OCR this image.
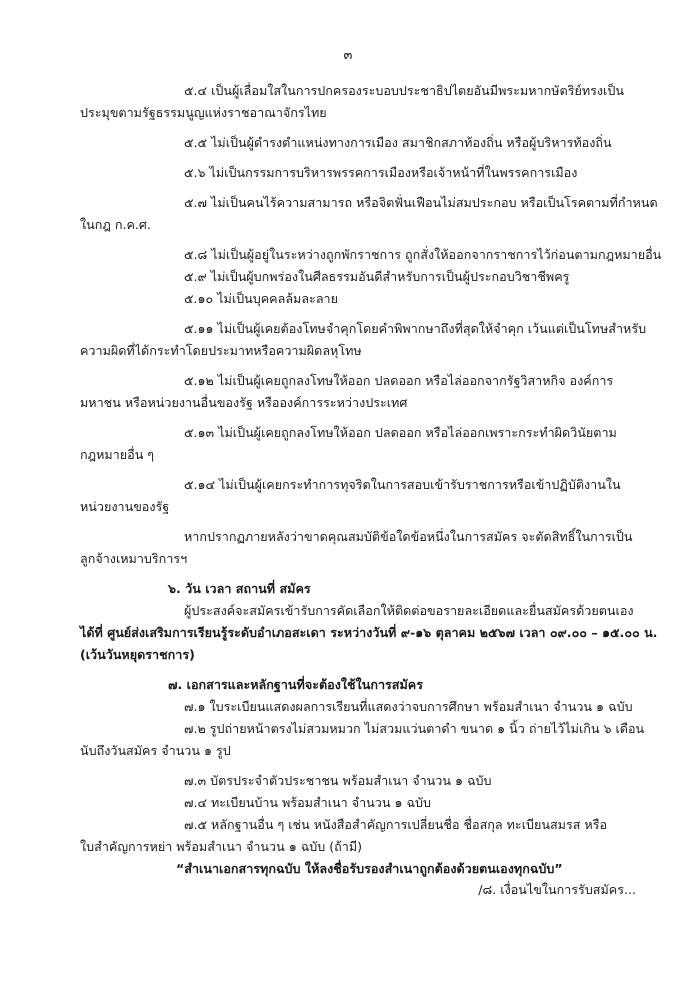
๓
๕.๔ เป็นผู้เลื่อมใสในการปกครองระบอบประชาธิปไตยอันมีพระมหากษัตริย์ทรงเป็น
ประมุขตามรัฐธรรมนูญแห่งราชอาณาจักรไทย
๕.๕ ไม่เป็นผู้ดำรงตำแหน่งทางการเมือง สมาชิกสภาท้องถิ่น หรือผู้บริหารท้องถิ่น
๕.๖ ไม่เป็นกรรมการบริหารพรรคการเมืองหรือเจ้าหน้าที่ในพรรคการเมือง
๕.๗ ไม่เป็นคนไร้ความสามารถ หรือจิตฟั่นเฟือนไม่สมประกอบ หรือเป็นโรคตามที่กำหนด
ในกฎ ก.ค.ศ.
๕.๘ ไม่เป็นผู้อยู่ในระหว่างถูกพักราชการ ถูกสั่งให้ออกจากราชการไว้ก่อนตามกฎหมายอื่น
๕.๙ ไม่เป็นผู้บกพร่องในศีลธรรมอันดีสำหรับการเป็นผู้ประกอบวิชาชีพครู
๕.๑๐ ไม่เป็นบุคคลล้มละลาย
๕.๑๑ ไม่เป็นผู้เคยต้องโทษจำคุกโดยคำพิพากษาถึงที่สุดให้จำคุก เว้นแต่เป็นโทษสำหรับ
ความผิดที่ได้กระทำโดยประมาทหรือความผิดลหุโทษ
๕.๑๒ ไม่เป็นผู้เคยถูกลงโทษให้ออก ปลดออก หรือไล่ออกจากรัฐวิสาหกิจ องค์การ
มหาชน หรือหน่วยงานอื่นของรัฐ หรือองค์การระหว่างประเทศ
๕.๑๓ ไม่เป็นผู้เคยถูกลงโทษให้ออก ปลดออก หรือไล่ออกเพราะกระทำผิดวินัยตาม
กฎหมายอื่น ๆ
๕.๑๔ ไม่เป็นผู้เคยกระทำการทุจริตในการสอบเข้ารับราชการหรือเข้าปฏิบัติงานใน
หน่วยงานของรัฐ
หากปรากฏภายหลังว่าขาดคุณสมบัติข้อใดข้อหนึ่งในการสมัคร จะตัดสิทธิ์ในการเป็น
ลูกจ้างเหมาบริการฯ
๖. วัน เวลา สถานที่ สมัคร
ผู้ประสงค์จะสมัครเข้ารับการคัดเลือกให้ติดต่อขอรายละเอียดและยื่นสมัครด้วยตนเอง
ได้ที่ ศูนย์ส่งเสริมการเรียนรู้ระดับอำเภอสะเดา ระหว่างวันที่ ๙-๑๖ ตุลาคม ๒๕๖๗ เวลา ๐๙.๐๐ – ๑๕.๐๐ น.
(เว้นวันหยุดราชการ)
๗. เอกสารและหลักฐานที่จะต้องใช้ในการสมัคร
๗.๑ ใบระเบียนแสดงผลการเรียนที่แสดงว่าจบการศึกษา พร้อมสำเนา จำนวน ๑ ฉบับ
๗.๒ รูปถ่ายหน้าตรงไม่สวมหมวก ไม่สวมแว่นตาดำ ขนาด ๑ นิ้ว ถ่ายไว้ไม่เกิน ๖ เดือน
นับถึงวันสมัคร จำนวน ๑ รูป
๗.๓ บัตรประจำตัวประชาชน พร้อมสำเนา จำนวน ๑ ฉบับ
๗.๔ ทะเบียนบ้าน พร้อมสำเนา จำนวน ๑ ฉบับ
๗.๕ หลักฐานอื่น ๆ เช่น หนังสือสำคัญการเปลี่ยนชื่อ ชื่อสกุล ทะเบียนสมรส หรือ
ใบสำคัญการหย่า พร้อมสำเนา จำนวน ๑ ฉบับ (ถ้ามี)
“สำเนาเอกสารทุกฉบับ ให้ลงชื่อรับรองสำเนาถูกต้องด้วยตนเองทุกฉบับ”
/๘. เงื่อนไขในการรับสมัคร...
